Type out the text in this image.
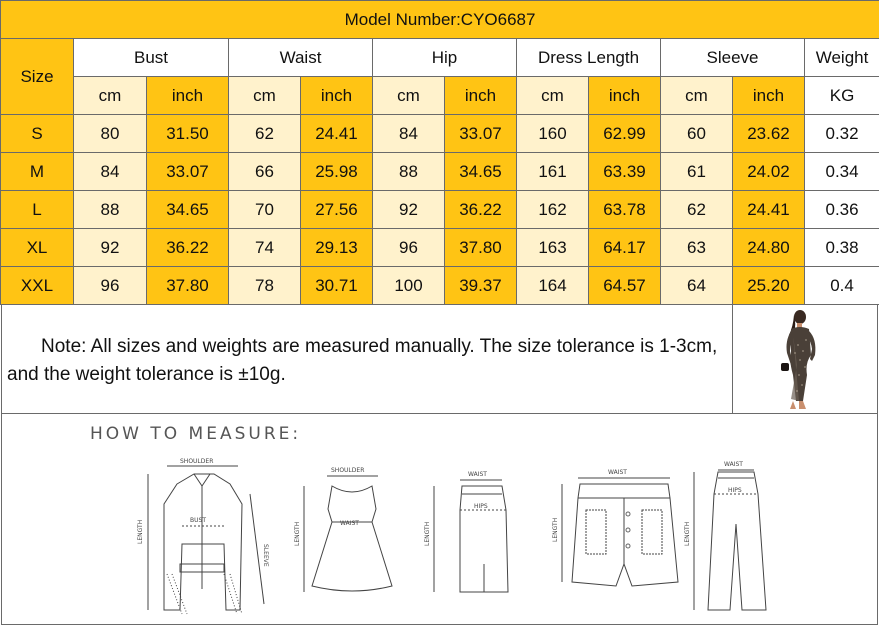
Model Number:CYO6687											
Size	Bust		Waist		Hip		Dress Length		Sleeve		Weight
	cm	inch	cm	inch	cm	inch	cm	inch	cm	inch	KG
S	80	31.50	62	24.41	84	33.07	160	62.99	60	23.62	0.32
M	84	33.07	66	25.98	88	34.65	161	63.39	61	24.02	0.34
L	88	34.65	70	27.56	92	36.22	162	63.78	62	24.41	0.36
XL	92	36.22	74	29.13	96	37.80	163	64.17	63	24.80	0.38
XXL	96	37.80	78	30.71	100	39.37	164	64.57	64	25.20	0.4
Note: All sizes and weights are measured manually. The size tolerance is 1-3cm, and the weight tolerance is ±10g.
HOW TO MEASURE:
SHOULDER
BUST
LENGTH
SLEEVE
SHOULDER
WAIST
LENGTH
WAIST
HIPS
LENGTH
WAIST
LENGTH
WAIST
HIPS
LENGTH
